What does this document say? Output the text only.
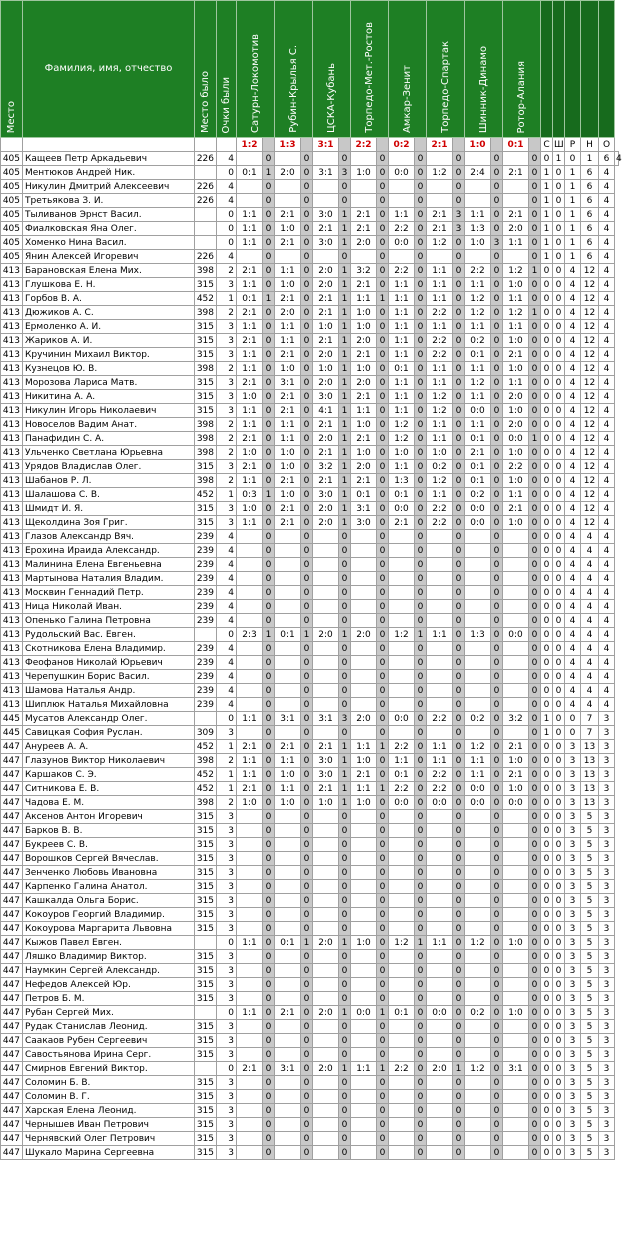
Место	Фамилия, имя, отчество	Место было	Очки были	Сатурн-Локомотив		Рубин-Крылья С.		ЦСКА-Кубань		Торпедо-Мет.-Ростов		Амкар-Зенит		Торпедо-Спартак		Шинник-Динамо		Ротор-Алания							
				1:2		1:3		3:1		2:2		0:2		2:1		1:0		0:1		С	Ш	Р	Н	О	
405	Кащеев Петр Аркадьевич	226	4		0		0		0		0		0		0		0		0	0	1	0	1	6	4
405	Ментюков Андрей Ник.		0	0:1	1	2:0	0	3:1	3	1:0	0	0:0	0	1:2	0	2:4	0	2:1	0	1	0	1	6	4	
405	Никулин Дмитрий Алексеевич	226	4		0		0		0		0		0		0		0		0	1	0	1	6	4	
405	Третьякова З. И.	226	4		0		0		0		0		0		0		0		0	1	0	1	6	4	
405	Тыливанов Эрнст Васил.		0	1:1	0	2:1	0	3:0	1	2:1	0	1:1	0	2:1	3	1:1	0	2:1	0	1	0	1	6	4	
405	Фиалковская Яна Олег.		0	1:1	0	1:0	0	2:1	1	2:1	0	2:2	0	2:1	3	1:3	0	2:0	0	1	0	1	6	4	
405	Хоменко Нина Васил.		0	1:1	0	2:1	0	3:0	1	2:0	0	0:0	0	1:2	0	1:0	3	1:1	0	1	0	1	6	4	
405	Янин Алексей Игоревич	226	4		0		0		0		0		0		0		0		0	1	0	1	6	4	
413	Барановская Елена Мих.	398	2	2:1	0	1:1	0	2:0	1	3:2	0	2:2	0	1:1	0	2:2	0	1:2	1	0	0	4	12	4	
413	Глушкова Е. Н.	315	3	1:1	0	1:0	0	2:0	1	2:1	0	1:1	0	1:1	0	1:1	0	1:0	0	0	0	4	12	4	
413	Горбов В. А.	452	1	0:1	1	2:1	0	2:1	1	1:1	1	1:1	0	1:1	0	1:2	0	1:1	0	0	0	4	12	4	
413	Дюжиков А. С.	398	2	2:1	0	2:0	0	2:1	1	1:0	0	1:1	0	2:2	0	1:2	0	1:2	1	0	0	4	12	4	
413	Ермоленко А. И.	315	3	1:1	0	1:1	0	1:0	1	1:0	0	1:1	0	1:1	0	1:1	0	1:1	0	0	0	4	12	4	
413	Жариков А. И.	315	3	2:1	0	1:1	0	2:1	1	2:0	0	1:1	0	2:2	0	0:2	0	1:0	0	0	0	4	12	4	
413	Кручинин Михаил Виктор.	315	3	1:1	0	2:1	0	2:0	1	2:1	0	1:1	0	2:2	0	0:1	0	2:1	0	0	0	4	12	4	
413	Кузнецов Ю. В.	398	2	1:1	0	1:0	0	1:0	1	1:0	0	0:1	0	1:1	0	1:1	0	1:0	0	0	0	4	12	4	
413	Морозова Лариса Матв.	315	3	2:1	0	3:1	0	2:0	1	2:0	0	1:1	0	1:1	0	1:2	0	1:1	0	0	0	4	12	4	
413	Никитина А. А.	315	3	1:0	0	2:1	0	3:0	1	2:1	0	1:1	0	1:2	0	1:1	0	2:0	0	0	0	4	12	4	
413	Никулин Игорь Николаевич	315	3	1:1	0	2:1	0	4:1	1	1:1	0	1:1	0	1:2	0	0:0	0	1:0	0	0	0	4	12	4	
413	Новоселов Вадим Анат.	398	2	1:1	0	1:1	0	2:1	1	1:0	0	1:2	0	1:1	0	1:1	0	2:0	0	0	0	4	12	4	
413	Панафидин С. А.	398	2	2:1	0	1:1	0	2:0	1	2:1	0	1:2	0	1:1	0	0:1	0	0:0	1	0	0	4	12	4	
413	Ульченко Светлана Юрьевна	398	2	1:0	0	1:0	0	2:1	1	1:0	0	1:0	0	1:0	0	2:1	0	1:0	0	0	0	4	12	4	
413	Урядов Владислав Олег.	315	3	2:1	0	1:0	0	3:2	1	2:0	0	1:1	0	0:2	0	0:1	0	2:2	0	0	0	4	12	4	
413	Шабанов Р. Л.	398	2	1:1	0	2:1	0	2:1	1	2:1	0	1:3	0	1:2	0	0:1	0	1:0	0	0	0	4	12	4	
413	Шалашова С. В.	452	1	0:3	1	1:0	0	3:0	1	0:1	0	0:1	0	1:1	0	0:2	0	1:1	0	0	0	4	12	4	
413	Шмидт И. Я.	315	3	1:0	0	2:1	0	2:0	1	3:1	0	0:0	0	2:2	0	0:0	0	2:1	0	0	0	4	12	4	
413	Щеколдина Зоя Григ.	315	3	1:1	0	2:1	0	2:0	1	3:0	0	2:1	0	2:2	0	0:0	0	1:0	0	0	0	4	12	4	
413	Глазов Александр Вяч.	239	4		0		0		0		0		0		0		0		0	0	0	4	4	4	
413	Ерохина Ираида Александр.	239	4		0		0		0		0		0		0		0		0	0	0	4	4	4	
413	Малинина Елена Евгеньевна	239	4		0		0		0		0		0		0		0		0	0	0	4	4	4	
413	Мартынова Наталия Владим.	239	4		0		0		0		0		0		0		0		0	0	0	4	4	4	
413	Москвин Геннадий Петр.	239	4		0		0		0		0		0		0		0		0	0	0	4	4	4	
413	Ница Николай Иван.	239	4		0		0		0		0		0		0		0		0	0	0	4	4	4	
413	Опенько Галина Петровна	239	4		0		0		0		0		0		0		0		0	0	0	4	4	4	
413	Рудольский Вас. Евген.		0	2:3	1	0:1	1	2:0	1	2:0	0	1:2	1	1:1	0	1:3	0	0:0	0	0	0	4	4	4	
413	Скотникова Елена Владимир.	239	4		0		0		0		0		0		0		0		0	0	0	4	4	4	
413	Феофанов Николай Юрьевич	239	4		0		0		0		0		0		0		0		0	0	0	4	4	4	
413	Черепушкин Борис Васил.	239	4		0		0		0		0		0		0		0		0	0	0	4	4	4	
413	Шамова Наталья Андр.	239	4		0		0		0		0		0		0		0		0	0	0	4	4	4	
413	Шиплюк Наталья Михайловна	239	4		0		0		0		0		0		0		0		0	0	0	4	4	4	
445	Мусатов Александр Олег.		0	1:1	0	3:1	0	3:1	3	2:0	0	0:0	0	2:2	0	0:2	0	3:2	0	1	0	0	7	3	
445	Савицкая София Руслан.	309	3		0		0		0		0		0		0		0		0	1	0	0	7	3	
447	Ануреев А. А.	452	1	2:1	0	2:1	0	2:1	1	1:1	1	2:2	0	1:1	0	1:2	0	2:1	0	0	0	3	13	3	
447	Глазунов Виктор Николаевич	398	2	1:1	0	1:1	0	3:0	1	1:0	0	1:1	0	1:1	0	1:1	0	1:0	0	0	0	3	13	3	
447	Каршаков С. Э.	452	1	1:1	0	1:0	0	3:0	1	2:1	0	0:1	0	2:2	0	1:1	0	2:1	0	0	0	3	13	3	
447	Ситникова Е. В.	452	1	2:1	0	1:1	0	2:1	1	1:1	1	2:2	0	2:2	0	0:0	0	1:0	0	0	0	3	13	3	
447	Чадова Е. М.	398	2	1:0	0	1:0	0	1:0	1	1:0	0	0:0	0	0:0	0	0:0	0	0:0	0	0	0	3	13	3	
447	Аксенов Антон Игоревич	315	3		0		0		0		0		0		0		0		0	0	0	3	5	3	
447	Барков В. В.	315	3		0		0		0		0		0		0		0		0	0	0	3	5	3	
447	Букреев С. В.	315	3		0		0		0		0		0		0		0		0	0	0	3	5	3	
447	Ворошков Сергей Вячеслав.	315	3		0		0		0		0		0		0		0		0	0	0	3	5	3	
447	Зенченко Любовь Ивановна	315	3		0		0		0		0		0		0		0		0	0	0	3	5	3	
447	Карпенко Галина Анатол.	315	3		0		0		0		0		0		0		0		0	0	0	3	5	3	
447	Кашкалда Ольга Борис.	315	3		0		0		0		0		0		0		0		0	0	0	3	5	3	
447	Кокоуров Георгий Владимир.	315	3		0		0		0		0		0		0		0		0	0	0	3	5	3	
447	Кокоурова Маргарита Львовна	315	3		0		0		0		0		0		0		0		0	0	0	3	5	3	
447	Кыжов Павел Евген.		0	1:1	0	0:1	1	2:0	1	1:0	0	1:2	1	1:1	0	1:2	0	1:0	0	0	0	3	5	3	
447	Ляшко Владимир Виктор.	315	3		0		0		0		0		0		0		0		0	0	0	3	5	3	
447	Наумкин Сергей Александр.	315	3		0		0		0		0		0		0		0		0	0	0	3	5	3	
447	Нефедов Алексей Юр.	315	3		0		0		0		0		0		0		0		0	0	0	3	5	3	
447	Петров Б. М.	315	3		0		0		0		0		0		0		0		0	0	0	3	5	3	
447	Рубан Сергей Мих.		0	1:1	0	2:1	0	2:0	1	0:0	1	0:1	0	0:0	0	0:2	0	1:0	0	0	0	3	5	3	
447	Рудак Станислав Леонид.	315	3		0		0		0		0		0		0		0		0	0	0	3	5	3	
447	Саакаов Рубен Сергеевич	315	3		0		0		0		0		0		0		0		0	0	0	3	5	3	
447	Савостьянова Ирина Серг.	315	3		0		0		0		0		0		0		0		0	0	0	3	5	3	
447	Смирнов Евгений Виктор.		0	2:1	0	3:1	0	2:0	1	1:1	1	2:2	0	2:0	1	1:2	0	3:1	0	0	0	3	5	3	
447	Соломин Б. В.	315	3		0		0		0		0		0		0		0		0	0	0	3	5	3	
447	Соломин В. Г.	315	3		0		0		0		0		0		0		0		0	0	0	3	5	3	
447	Харская Елена Леонид.	315	3		0		0		0		0		0		0		0		0	0	0	3	5	3	
447	Чернышев Иван Петрович	315	3		0		0		0		0		0		0		0		0	0	0	3	5	3	
447	Чернявский Олег Петрович	315	3		0		0		0		0		0		0		0		0	0	0	3	5	3	
447	Шукало Марина Сергеевна	315	3		0		0		0		0		0		0		0		0	0	0	3	5	3	
